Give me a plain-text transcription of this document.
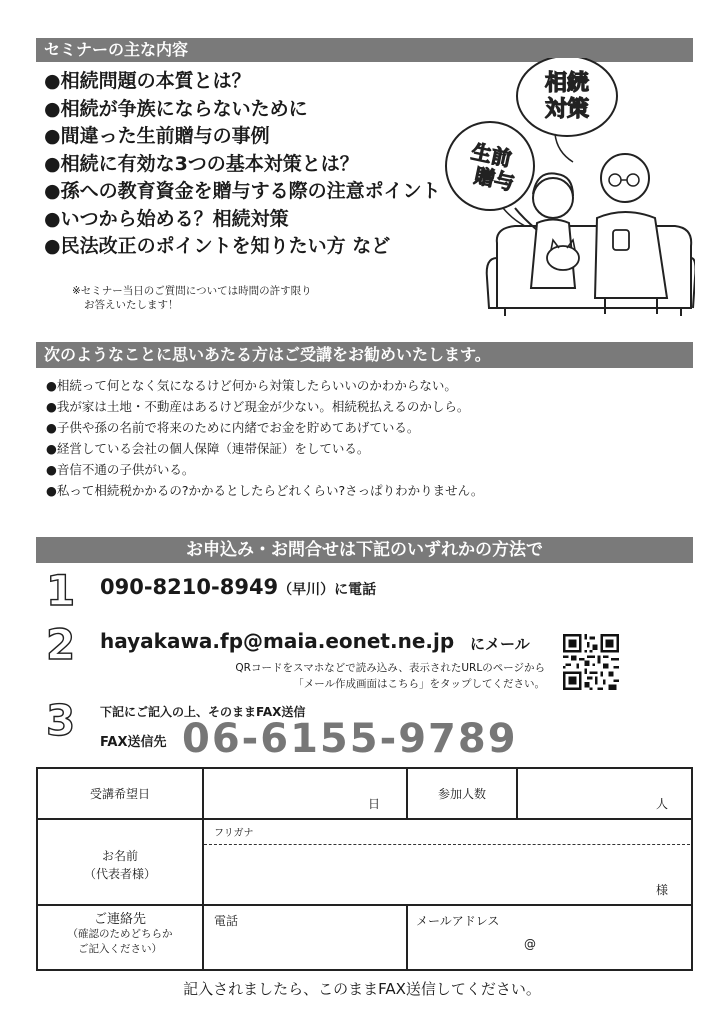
セミナーの主な内容
●相続問題の本質とは？
●相続が争族にならないために
●間違った生前贈与の事例
●相続に有効な3つの基本対策とは？
●孫への教育資金を贈与する際の注意ポイント
●いつから始める？相続対策
●民法改正のポイントを知りたい方 など
※セミナー当日のご質問については時間の許す限り
お答えいたします！
相続
対策
生前
贈与
次のようなことに思いあたる方はご受講をお勧めいたします。
●相続って何となく気になるけど何から対策したらいいのかわからない。
●我が家は土地・不動産はあるけど現金が少ない。相続税払えるのかしら。
●子供や孫の名前で将来のために内緒でお金を貯めてあげている。
●経営している会社の個人保障（連帯保証）をしている。
●音信不通の子供がいる。
●私って相続税かかるの?かかるとしたらどれくらい?さっぱりわかりません。
お申込み・お問合せは下記のいずれかの方法で
1 090-8210-8949（早川）に電話
2 hayakawa.fp@maia.eonet.ne.jp にメール
QRコードをスマホなどで読み込み、表示されたURLのページから
「メール作成画面はこちら」をタップしてください。
3 下記にご記入の上、そのままFAX送信
FAX送信先 06-6155-9789
受講希望日
日
参加人数
人
お名前
（代表者様）
フリガナ
様
ご連絡先
（確認のためどちらか
ご記入ください）
電話	メールアドレス
@
記入されましたら、このままFAX送信してください。
